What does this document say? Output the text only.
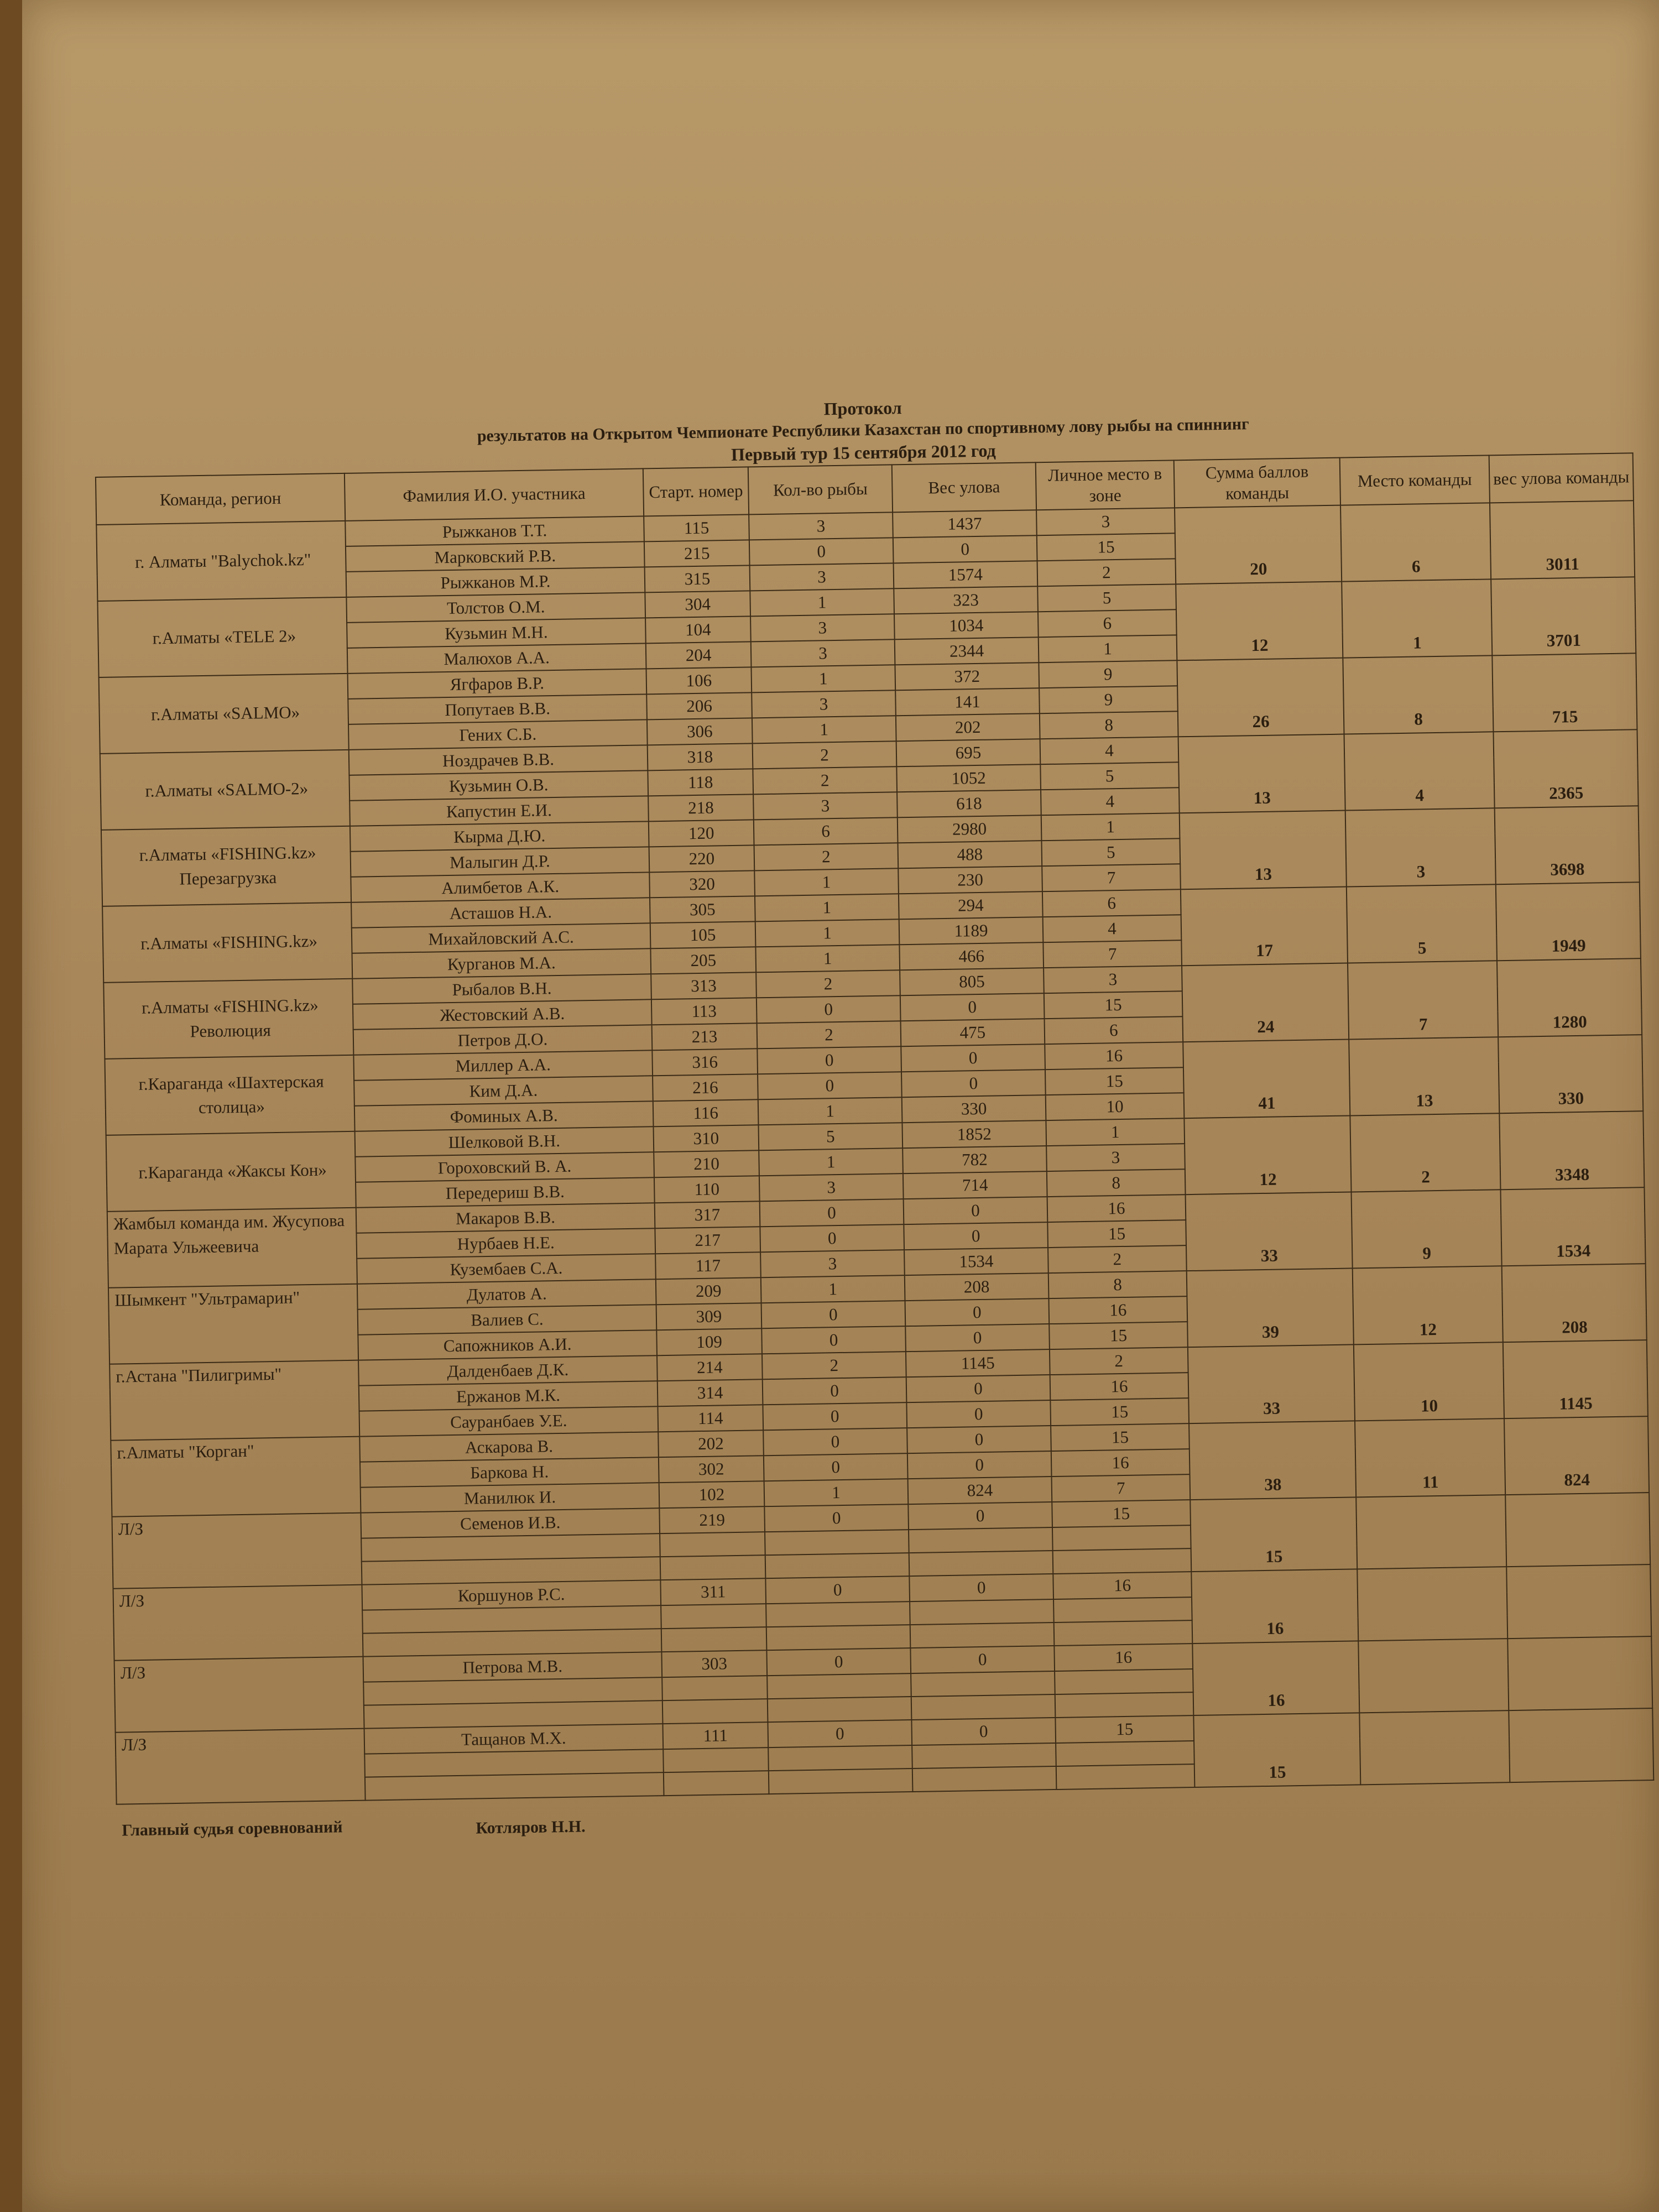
Протокол
результатов на Открытом Чемпионате Республики Казахстан по спортивному лову рыбы на спиннинг
Первый тур 15 сентября 2012 год
Команда, регион	Фамилия И.О. участника	Старт. номер	Кол-во рыбы	Вес улова	Личное место в зоне	Сумма баллов команды	Место команды	вес улова команды
г. Алматы "Balychok.kz"	Рыжканов Т.Т.	115	3	1437	3	20	6	3011
	Марковский Р.В.	215	0	0	15			
	Рыжканов М.Р.	315	3	1574	2			
г.Алматы «TELE 2»	Толстов О.М.	304	1	323	5	12	1	3701
	Кузьмин М.Н.	104	3	1034	6			
	Малюхов А.А.	204	3	2344	1			
г.Алматы «SALMO»	Ягфаров В.Р.	106	1	372	9	26	8	715
	Попутаев В.В.	206	3	141	9			
	Гених С.Б.	306	1	202	8			
г.Алматы «SALMO-2»	Ноздрачев В.В.	318	2	695	4	13	4	2365
	Кузьмин О.В.	118	2	1052	5			
	Капустин Е.И.	218	3	618	4			
г.Алматы «FISHING.kz» Перезагрузка	Кырма Д.Ю.	120	6	2980	1	13	3	3698
	Малыгин Д.Р.	220	2	488	5			
	Алимбетов А.К.	320	1	230	7			
г.Алматы «FISHING.kz»	Асташов Н.А.	305	1	294	6	17	5	1949
	Михайловский А.С.	105	1	1189	4			
	Курганов М.А.	205	1	466	7			
г.Алматы «FISHING.kz» Революция	Рыбалов В.Н.	313	2	805	3	24	7	1280
	Жестовский А.В.	113	0	0	15			
	Петров Д.О.	213	2	475	6			
г.Караганда «Шахтерская столица»	Миллер А.А.	316	0	0	16	41	13	330
	Ким Д.А.	216	0	0	15			
	Фоминых А.В.	116	1	330	10			
г.Караганда «Жаксы Кон»	Шелковой В.Н.	310	5	1852	1	12	2	3348
	Гороховский В. А.	210	1	782	3			
	Передериш В.В.	110	3	714	8			
Жамбыл команда им. Жусупова Марата Ульжеевича	Макаров В.В.	317	0	0	16	33	9	1534
	Нурбаев Н.Е.	217	0	0	15			
	Кузембаев С.А.	117	3	1534	2			
Шымкент "Ультрамарин"	Дулатов А.	209	1	208	8	39	12	208
	Валиев С.	309	0	0	16			
	Сапожников А.И.	109	0	0	15			
г.Астана "Пилигримы"	Далденбаев Д.К.	214	2	1145	2	33	10	1145
	Ержанов М.К.	314	0	0	16			
	Сауранбаев У.Е.	114	0	0	15			
г.Алматы "Корган"	Аскарова В.	202	0	0	15	38	11	824
	Баркова Н.	302	0	0	16			
	Манилюк И.	102	1	824	7			
Л/З	Семенов И.В.	219	0	0	15	15		

Л/З	Коршунов Р.С.	311	0	0	16	16		

Л/З	Петрова М.В.	303	0	0	16	16		

Л/З	Тащанов М.Х.	111	0	0	15	15		

Главный судья соревнований	Котляров Н.Н.
